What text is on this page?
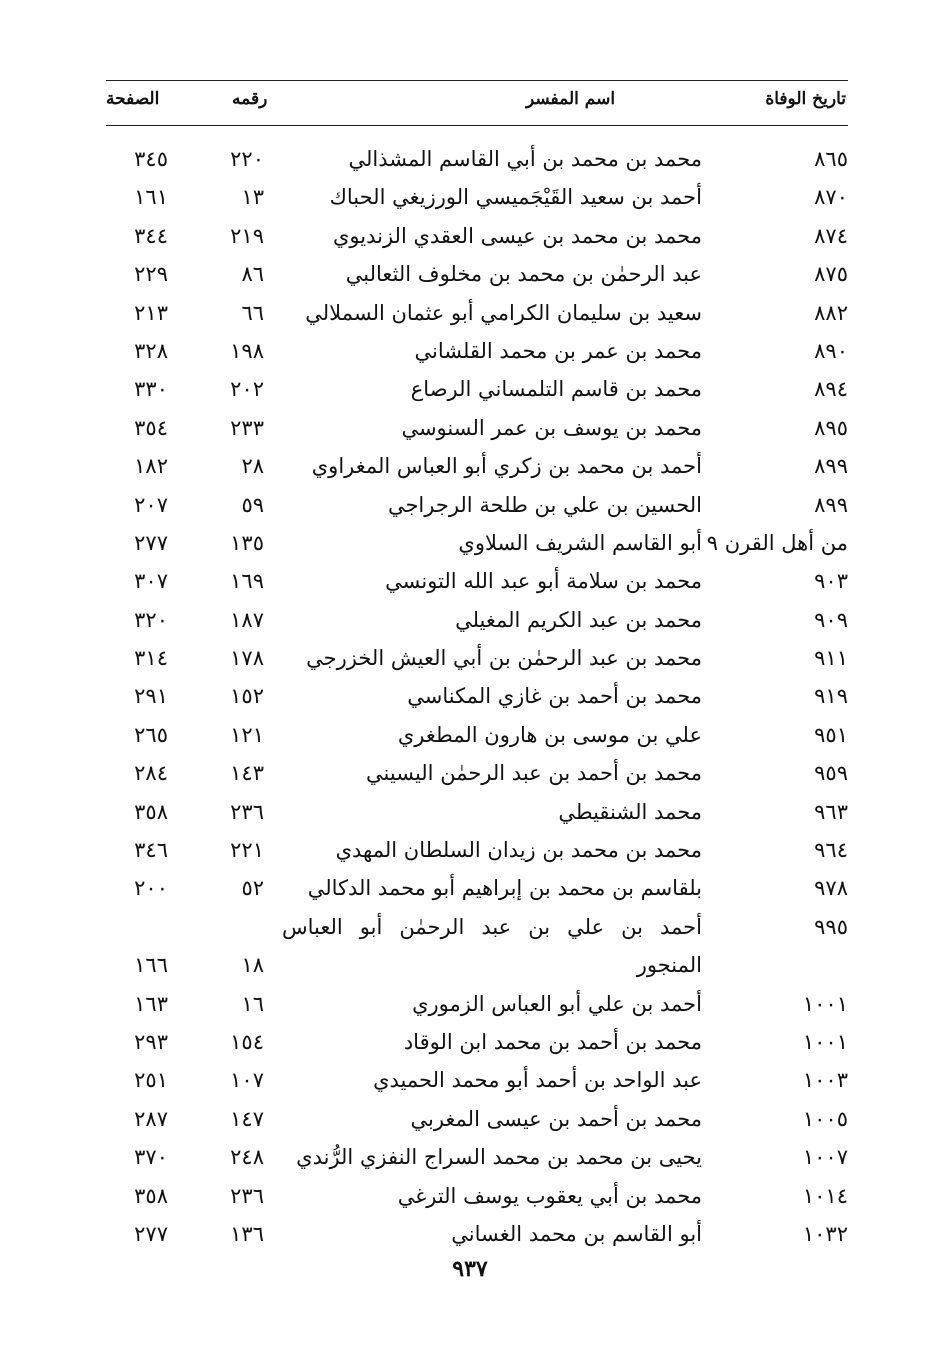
تاريخ الوفاة
اسم المفسر
رقمه
الصفحة
٨٦٥
محمد بن محمد بن أبي القاسم المشذالي
٢٢٠
٣٤٥
٨٧٠
أحمد بن سعيد القَيْجَميسي الورزيغي الحباك
١٣
١٦١
٨٧٤
محمد بن محمد بن عيسى العقدي الزنديوي
٢١٩
٣٤٤
٨٧٥
عبد الرحمٰن بن محمد بن مخلوف الثعالبي
٨٦
٢٢٩
٨٨٢
سعيد بن سليمان الكرامي أبو عثمان السملالي
٦٦
٢١٣
٨٩٠
محمد بن عمر بن محمد القلشاني
١٩٨
٣٢٨
٨٩٤
محمد بن قاسم التلمساني الرصاع
٢٠٢
٣٣٠
٨٩٥
محمد بن يوسف بن عمر السنوسي
٢٣٣
٣٥٤
٨٩٩
أحمد بن محمد بن زكري أبو العباس المغراوي
٢٨
١٨٢
٨٩٩
الحسين بن علي بن طلحة الرجراجي
٥٩
٢٠٧
من أهل القرن ٩
أبو القاسم الشريف السلاوي
١٣٥
٢٧٧
٩٠٣
محمد بن سلامة أبو عبد الله التونسي
١٦٩
٣٠٧
٩٠٩
محمد بن عبد الكريم المغيلي
١٨٧
٣٢٠
٩١١
محمد بن عبد الرحمٰن بن أبي العيش الخزرجي
١٧٨
٣١٤
٩١٩
محمد بن أحمد بن غازي المكناسي
١٥٢
٢٩١
٩٥١
علي بن موسى بن هارون المطغري
١٢١
٢٦٥
٩٥٩
محمد بن أحمد بن عبد الرحمٰن اليسيني
١٤٣
٢٨٤
٩٦٣
محمد الشنقيطي
٢٣٦
٣٥٨
٩٦٤
محمد بن محمد بن زيدان السلطان المهدي
٢٢١
٣٤٦
٩٧٨
بلقاسم بن محمد بن إبراهيم أبو محمد الدكالي
٥٢
٢٠٠
٩٩٥
أحمد بن علي بن عبد الرحمٰن أبو العباس
المنجور
١٨
١٦٦
١٠٠١
أحمد بن علي أبو العباس الزموري
١٦
١٦٣
١٠٠١
محمد بن أحمد بن محمد ابن الوقاد
١٥٤
٢٩٣
١٠٠٣
عبد الواحد بن أحمد أبو محمد الحميدي
١٠٧
٢٥١
١٠٠٥
محمد بن أحمد بن عيسى المغربي
١٤٧
٢٨٧
١٠٠٧
يحيى بن محمد بن محمد السراج النفزي الرُّندي
٢٤٨
٣٧٠
١٠١٤
محمد بن أبي يعقوب يوسف الترغي
٢٣٦
٣٥٨
١٠٣٢
أبو القاسم بن محمد الغساني
١٣٦
٢٧٧
٩٣٧
